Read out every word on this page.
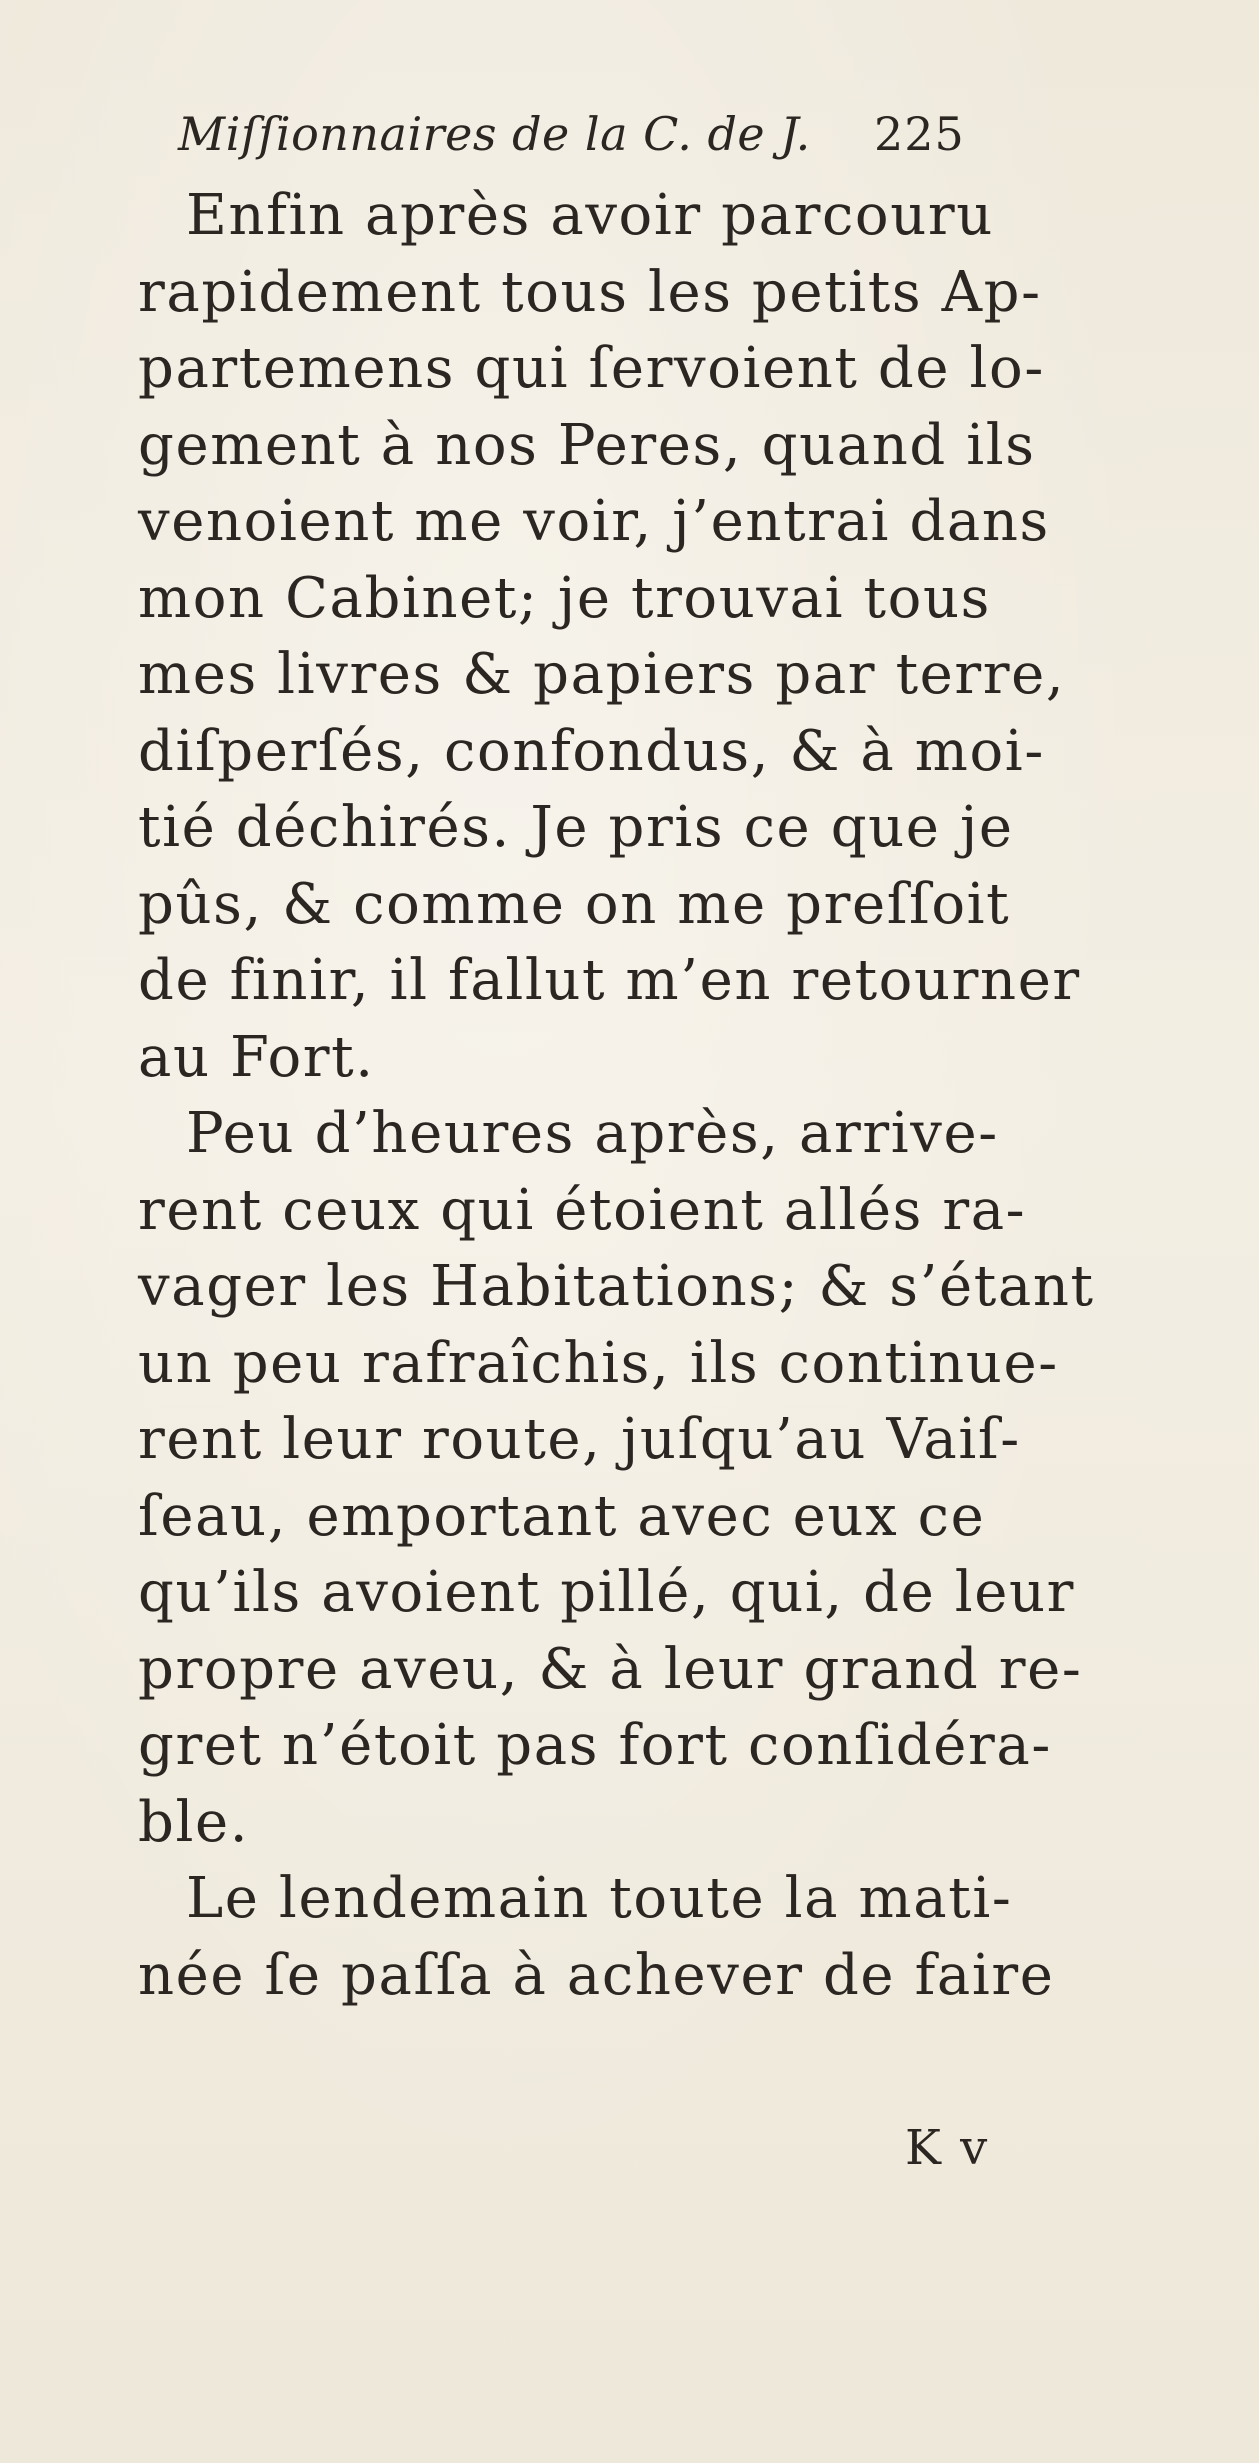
Miſſionnaires de la C. de J. 225
Enfin après avoir parcouru
rapidement tous les petits Ap-
partemens qui ſervoient de lo-
gement à nos Peres, quand ils
venoient me voir, j’entrai dans
mon Cabinet; je trouvai tous
mes livres & papiers par terre,
diſperſés, confondus, & à moi-
tié déchirés. Je pris ce que je
pûs, & comme on me preſſoit
de finir, il fallut m’en retourner
au Fort.
Peu d’heures après, arrive-
rent ceux qui étoient allés ra-
vager les Habitations; & s’étant
un peu rafraîchis, ils continue-
rent leur route, juſqu’au Vaiſ-
ſeau, emportant avec eux ce
qu’ils avoient pillé, qui, de leur
propre aveu, & à leur grand re-
gret n’étoit pas fort conſidéra-
ble.
Le lendemain toute la mati-
née ſe paſſa à achever de faire
K v
